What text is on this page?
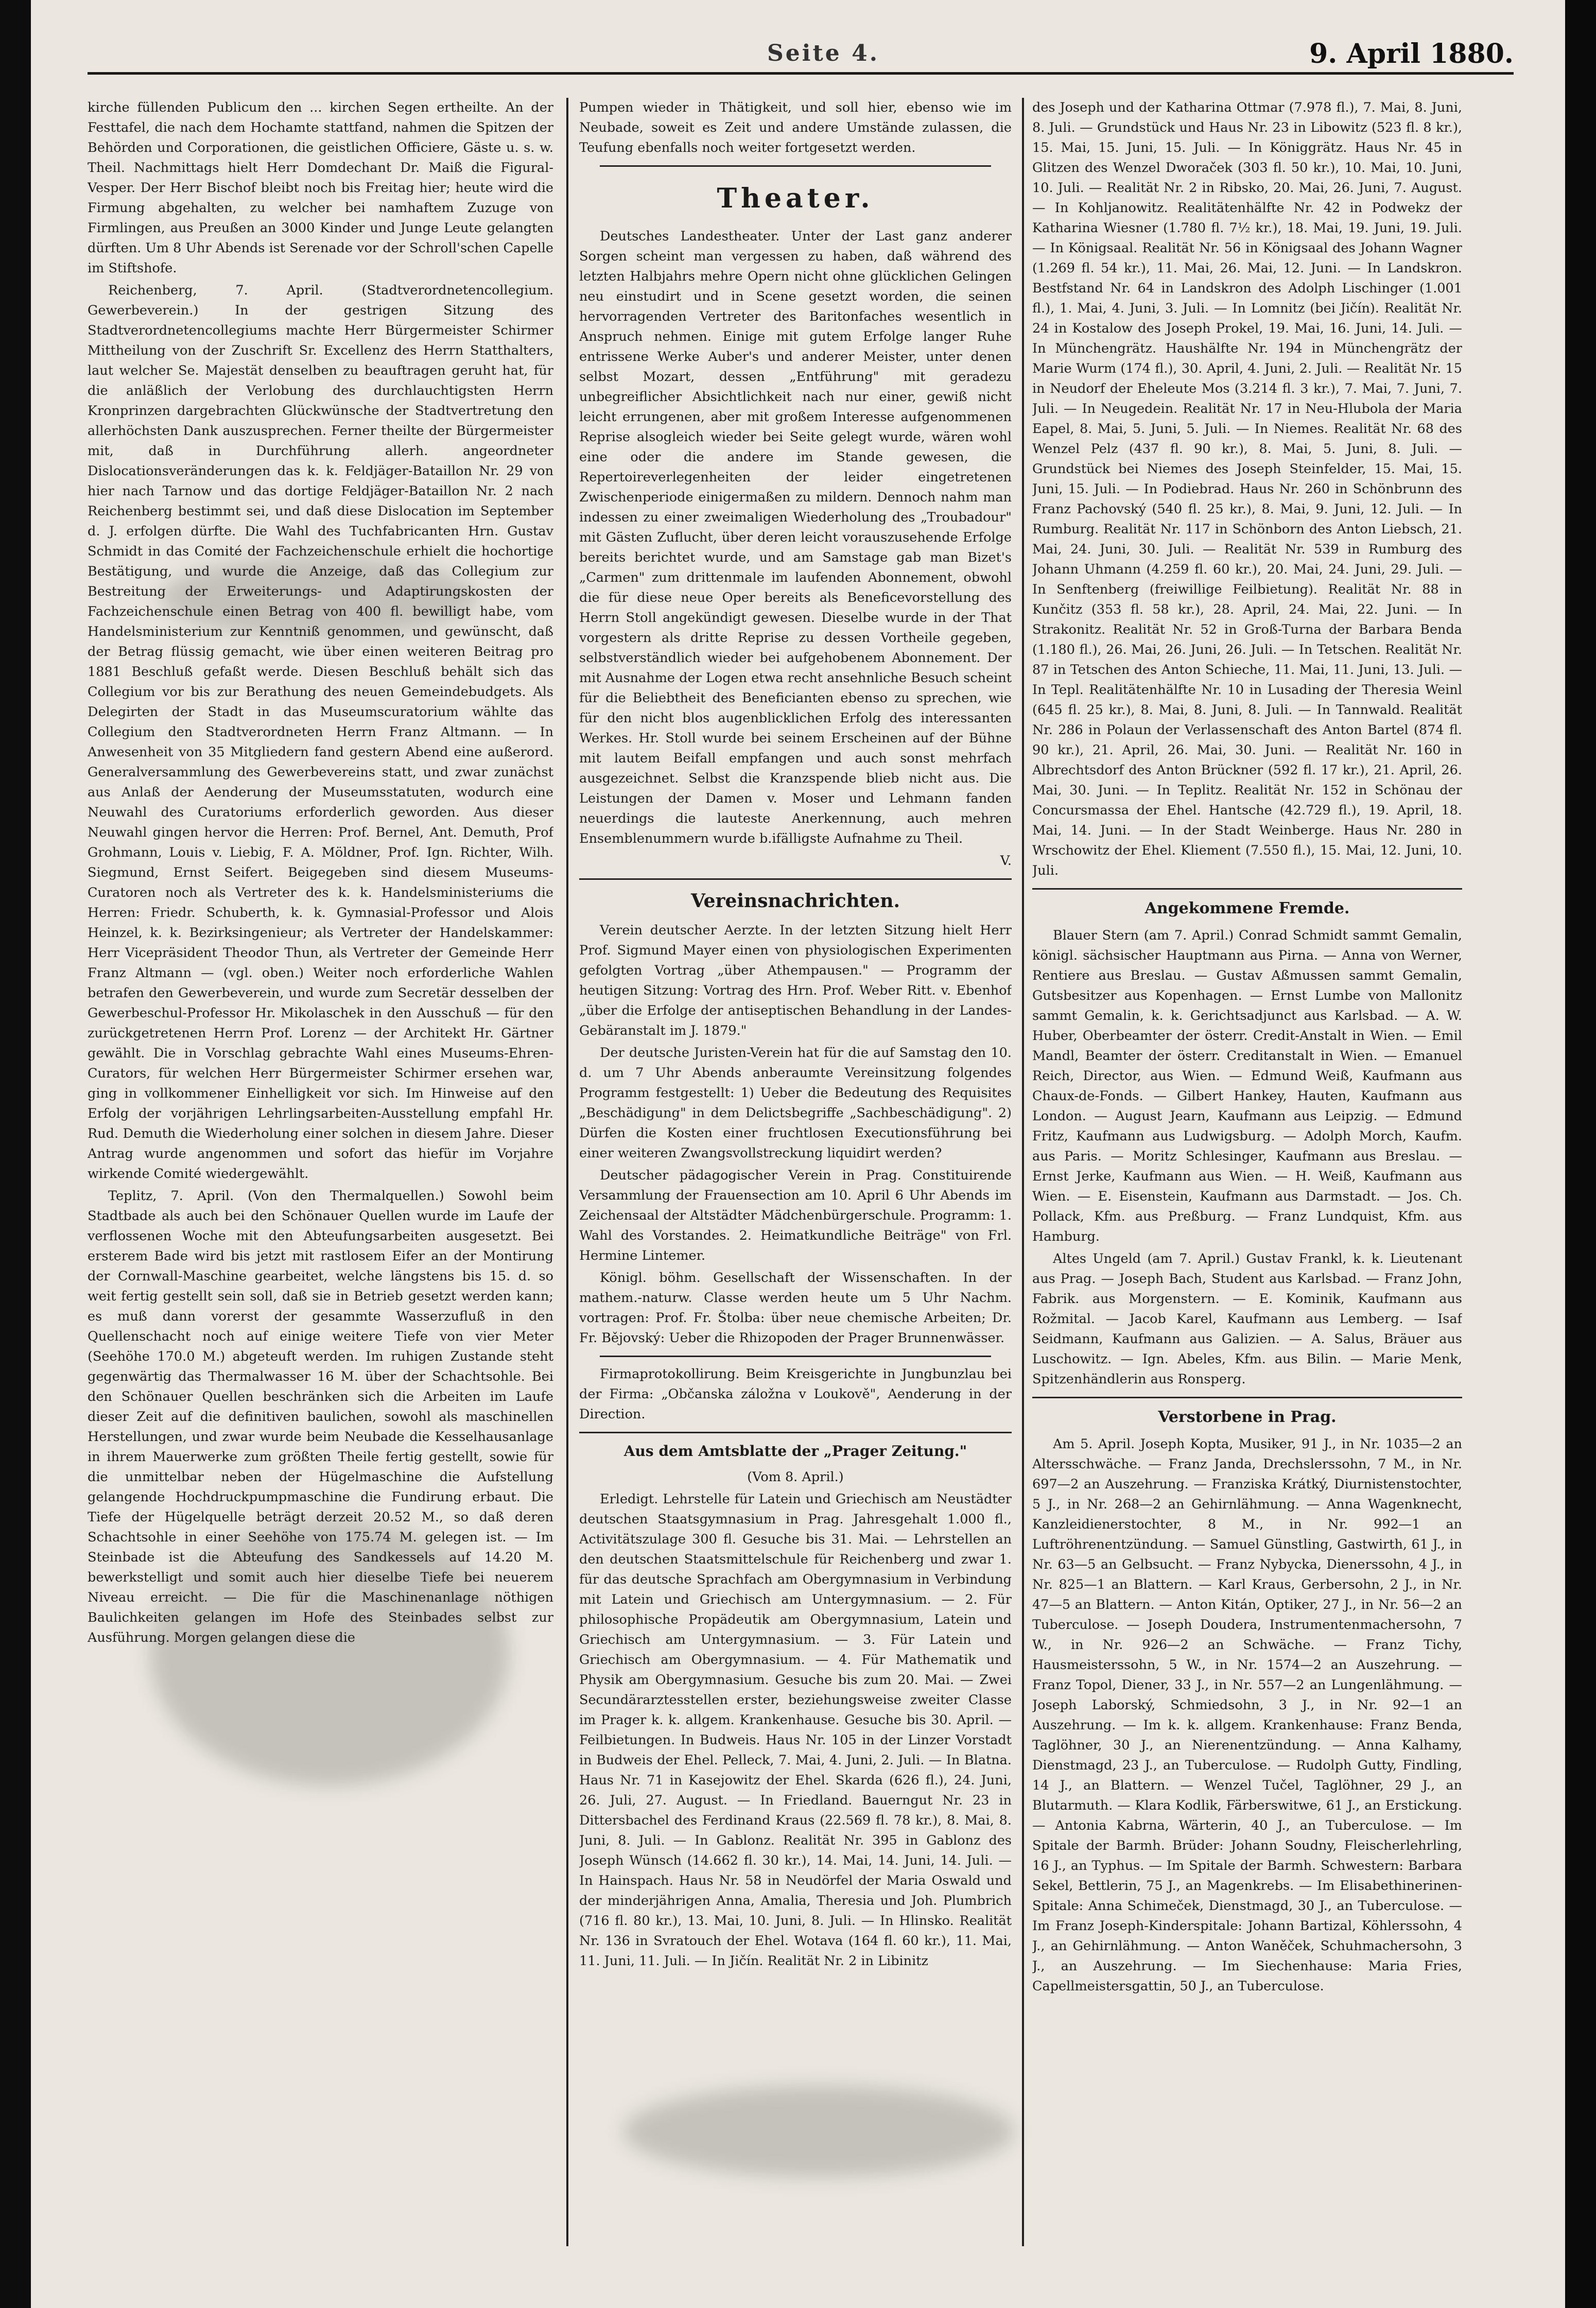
Seite 4.	9. April 1880.

kirche füllenden Publicum den ... kirchen Segen ertheilte. An der Festtafel, die nach dem Hochamte stattfand, nahmen die Spitzen der Behörden und Corporationen, die geistlichen Officiere, Gäste u. s. w. Theil. Nachmittags hielt Herr Domdechant Dr. Maiß die Figural-Vesper. Der Herr Bischof bleibt noch bis Freitag hier; heute wird die Firmung abgehalten, zu welcher bei namhaftem Zuzuge von Firmlingen, aus Preußen an 3000 Kinder und Junge Leute gelangten dürften. Um 8 Uhr Abends ist Serenade vor der Schroll'schen Capelle im Stiftshofe.

Reichenberg, 7. April. (Stadtverordnetencollegium. Gewerbeverein.) In der gestrigen Sitzung des Stadtverordnetencollegiums machte Herr Bürgermeister Schirmer Mittheilung von der Zuschrift Sr. Excellenz des Herrn Statthalters, laut welcher Se. Majestät denselben zu beauftragen geruht hat, für die anläßlich der Verlobung des durchlauchtigsten Herrn Kronprinzen dargebrachten Glückwünsche der Stadtvertretung den allerhöchsten Dank auszusprechen. Ferner theilte der Bürgermeister mit, daß in Durchführung allerh. angeordneter Dislocationsveränderungen das k. k. Feldjäger-Bataillon Nr. 29 von hier nach Tarnow und das dortige Feldjäger-Bataillon Nr. 2 nach Reichenberg bestimmt sei, und daß diese Dislocation im September d. J. erfolgen dürfte. Die Wahl des Tuchfabricanten Hrn. Gustav Schmidt in das Comité der Fachzeichenschule erhielt die hochortige Bestätigung, und wurde die Anzeige, daß das Collegium zur Bestreitung der Erweiterungs- und Adaptirungskosten der Fachzeichenschule einen Betrag von 400 fl. bewilligt habe, vom Handelsministerium zur Kenntniß genommen, und gewünscht, daß der Betrag flüssig gemacht, wie über einen weiteren Beitrag pro 1881 Beschluß gefaßt werde. Diesen Beschluß behält sich das Collegium vor bis zur Berathung des neuen Gemeindebudgets. Als Delegirten der Stadt in das Museumscuratorium wählte das Collegium den Stadtverordneten Herrn Franz Altmann. — In Anwesenheit von 35 Mitgliedern fand gestern Abend eine außerord. Generalversammlung des Gewerbevereins statt, und zwar zunächst aus Anlaß der Aenderung der Museumsstatuten, wodurch eine Neuwahl des Curatoriums erforderlich geworden. Aus dieser Neuwahl gingen hervor die Herren: Prof. Bernel, Ant. Demuth, Prof Grohmann, Louis v. Liebig, F. A. Möldner, Prof. Ign. Richter, Wilh. Siegmund, Ernst Seifert. Beigegeben sind diesem Museums-Curatoren noch als Vertreter des k. k. Handelsministeriums die Herren: Friedr. Schuberth, k. k. Gymnasial-Professor und Alois Heinzel, k. k. Bezirksingenieur; als Vertreter der Handelskammer: Herr Vicepräsident Theodor Thun, als Vertreter der Gemeinde Herr Franz Altmann — (vgl. oben.) Weiter noch erforderliche Wahlen betrafen den Gewerbeverein, und wurde zum Secretär desselben der Gewerbeschul-Professor Hr. Mikolaschek in den Ausschuß — für den zurückgetretenen Herrn Prof. Lorenz — der Architekt Hr. Gärtner gewählt. Die in Vorschlag gebrachte Wahl eines Museums-Ehren-Curators, für welchen Herr Bürgermeister Schirmer ersehen war, ging in vollkommener Einhelligkeit vor sich. Im Hinweise auf den Erfolg der vorjährigen Lehrlingsarbeiten-Ausstellung empfahl Hr. Rud. Demuth die Wiederholung einer solchen in diesem Jahre. Dieser Antrag wurde angenommen und sofort das hiefür im Vorjahre wirkende Comité wiedergewählt.

Teplitz, 7. April. (Von den Thermalquellen.) Sowohl beim Stadtbade als auch bei den Schönauer Quellen wurde im Laufe der verflossenen Woche mit den Abteufungsarbeiten ausgesetzt. Bei ersterem Bade wird bis jetzt mit rastlosem Eifer an der Montirung der Cornwall-Maschine gearbeitet, welche längstens bis 15. d. so weit fertig gestellt sein soll, daß sie in Betrieb gesetzt werden kann; es muß dann vorerst der gesammte Wasserzufluß in den Quellenschacht noch auf einige weitere Tiefe von vier Meter (Seehöhe 170.0 M.) abgeteuft werden. Im ruhigen Zustande steht gegenwärtig das Thermalwasser 16 M. über der Schachtsohle. Bei den Schönauer Quellen beschränken sich die Arbeiten im Laufe dieser Zeit auf die definitiven baulichen, sowohl als maschinellen Herstellungen, und zwar wurde beim Neubade die Kesselhausanlage in ihrem Mauerwerke zum größten Theile fertig gestellt, sowie für die unmittelbar neben der Hügelmaschine die Aufstellung gelangende Hochdruckpumpmaschine die Fundirung erbaut. Die Tiefe der Hügelquelle beträgt derzeit 20.52 M., so daß deren Schachtsohle in einer Seehöhe von 175.74 M. gelegen ist. — Im Steinbade ist die Abteufung des Sandkessels auf 14.20 M. bewerkstelligt und somit auch hier dieselbe Tiefe bei neuerem Niveau erreicht. — Die für die Maschinenanlage nöthigen Baulichkeiten gelangen im Hofe des Steinbades selbst zur Ausführung. Morgen gelangen diese die

Pumpen wieder in Thätigkeit, und soll hier, ebenso wie im Neubade, soweit es Zeit und andere Umstände zulassen, die Teufung ebenfalls noch weiter fortgesetzt werden.

Theater.

Deutsches Landestheater. Unter der Last ganz anderer Sorgen scheint man vergessen zu haben, daß während des letzten Halbjahrs mehre Opern nicht ohne glücklichen Gelingen neu einstudirt und in Scene gesetzt worden, die seinen hervorragenden Vertreter des Baritonfaches wesentlich in Anspruch nehmen. Einige mit gutem Erfolge langer Ruhe entrissene Werke Auber's und anderer Meister, unter denen selbst Mozart, dessen „Entführung" mit geradezu unbegreiflicher Absichtlichkeit nach nur einer, gewiß nicht leicht errungenen, aber mit großem Interesse aufgenommenen Reprise alsogleich wieder bei Seite gelegt wurde, wären wohl eine oder die andere im Stande gewesen, die Repertoireverlegenheiten der leider eingetretenen Zwischenperiode einigermaßen zu mildern. Dennoch nahm man indessen zu einer zweimaligen Wiederholung des „Troubadour" mit Gästen Zuflucht, über deren leicht vorauszusehende Erfolge bereits berichtet wurde, und am Samstage gab man Bizet's „Carmen" zum drittenmale im laufenden Abonnement, obwohl die für diese neue Oper bereits als Beneficevorstellung des Herrn Stoll angekündigt gewesen. Dieselbe wurde in der That vorgestern als dritte Reprise zu dessen Vortheile gegeben, selbstverständlich wieder bei aufgehobenem Abonnement. Der mit Ausnahme der Logen etwa recht ansehnliche Besuch scheint für die Beliebtheit des Beneficianten ebenso zu sprechen, wie für den nicht blos augenblicklichen Erfolg des interessanten Werkes. Hr. Stoll wurde bei seinem Erscheinen auf der Bühne mit lautem Beifall empfangen und auch sonst mehrfach ausgezeichnet. Selbst die Kranzspende blieb nicht aus. Die Leistungen der Damen v. Moser und Lehmann fanden neuerdings die lauteste Anerkennung, auch mehren Ensemblenummern wurde b.ifälligste Aufnahme zu Theil.

V.

Vereinsnachrichten.

Verein deutscher Aerzte. In der letzten Sitzung hielt Herr Prof. Sigmund Mayer einen von physiologischen Experimenten gefolgten Vortrag „über Athempausen." — Programm der heutigen Sitzung: Vortrag des Hrn. Prof. Weber Ritt. v. Ebenhof „über die Erfolge der antiseptischen Behandlung in der Landes-Gebäranstalt im J. 1879."

Der deutsche Juristen-Verein hat für die auf Samstag den 10. d. um 7 Uhr Abends anberaumte Vereinsitzung folgendes Programm festgestellt: 1) Ueber die Bedeutung des Requisites „Beschädigung" in dem Delictsbegriffe „Sachbeschädigung". 2) Dürfen die Kosten einer fruchtlosen Executionsführung bei einer weiteren Zwangsvollstreckung liquidirt werden?

Deutscher pädagogischer Verein in Prag. Constituirende Versammlung der Frauensection am 10. April 6 Uhr Abends im Zeichensaal der Altstädter Mädchenbürgerschule. Programm: 1. Wahl des Vorstandes. 2. Heimatkundliche Beiträge" von Frl. Hermine Lintemer.

Königl. böhm. Gesellschaft der Wissenschaften. In der mathem.-naturw. Classe werden heute um 5 Uhr Nachm. vortragen: Prof. Fr. Štolba: über neue chemische Arbeiten; Dr. Fr. Bějovský: Ueber die Rhizopoden der Prager Brunnenwässer.

Firmaprotokollirung. Beim Kreisgerichte in Jungbunzlau bei der Firma: „Občanska záložna v Loukově", Aenderung in der Direction.

Aus dem Amtsblatte der „Prager Zeitung."

(Vom 8. April.)

Erledigt. Lehrstelle für Latein und Griechisch am Neustädter deutschen Staatsgymnasium in Prag. Jahresgehalt 1.000 fl., Activitätszulage 300 fl. Gesuche bis 31. Mai. — Lehrstellen an den deutschen Staatsmittelschule für Reichenberg und zwar 1. für das deutsche Sprachfach am Obergymnasium in Verbindung mit Latein und Griechisch am Untergymnasium. — 2. Für philosophische Propädeutik am Obergymnasium, Latein und Griechisch am Untergymnasium. — 3. Für Latein und Griechisch am Obergymnasium. — 4. Für Mathematik und Physik am Obergymnasium. Gesuche bis zum 20. Mai. — Zwei Secundärarztesstellen erster, beziehungsweise zweiter Classe im Prager k. k. allgem. Krankenhause. Gesuche bis 30. April. — Feilbietungen. In Budweis. Haus Nr. 105 in der Linzer Vorstadt in Budweis der Ehel. Pelleck, 7. Mai, 4. Juni, 2. Juli. — In Blatna. Haus Nr. 71 in Kasejowitz der Ehel. Skarda (626 fl.), 24. Juni, 26. Juli, 27. August. — In Friedland. Bauerngut Nr. 23 in Dittersbachel des Ferdinand Kraus (22.569 fl. 78 kr.), 8. Mai, 8. Juni, 8. Juli. — In Gablonz. Realität Nr. 395 in Gablonz des Joseph Wünsch (14.662 fl. 30 kr.), 14. Mai, 14. Juni, 14. Juli. — In Hainspach. Haus Nr. 58 in Neudörfel der Maria Oswald und der minderjährigen Anna, Amalia, Theresia und Joh. Plumbrich (716 fl. 80 kr.), 13. Mai, 10. Juni, 8. Juli. — In Hlinsko. Realität Nr. 136 in Svratouch der Ehel. Wotava (164 fl. 60 kr.), 11. Mai, 11. Juni, 11. Juli. — In Jičín. Realität Nr. 2 in Libinitz

des Joseph und der Katharina Ottmar (7.978 fl.), 7. Mai, 8. Juni, 8. Juli. — Grundstück und Haus Nr. 23 in Libowitz (523 fl. 8 kr.), 15. Mai, 15. Juni, 15. Juli. — In Königgrätz. Haus Nr. 45 in Glitzen des Wenzel Dworaček (303 fl. 50 kr.), 10. Mai, 10. Juni, 10. Juli. — Realität Nr. 2 in Ribsko, 20. Mai, 26. Juni, 7. August. — In Kohljanowitz. Realitätenhälfte Nr. 42 in Podwekz der Katharina Wiesner (1.780 fl. 7½ kr.), 18. Mai, 19. Juni, 19. Juli. — In Königsaal. Realität Nr. 56 in Königsaal des Johann Wagner (1.269 fl. 54 kr.), 11. Mai, 26. Mai, 12. Juni. — In Landskron. Bestfstand Nr. 64 in Landskron des Adolph Lischinger (1.001 fl.), 1. Mai, 4. Juni, 3. Juli. — In Lomnitz (bei Jičín). Realität Nr. 24 in Kostalow des Joseph Prokel, 19. Mai, 16. Juni, 14. Juli. — In Münchengrätz. Haushälfte Nr. 194 in Münchengrätz der Marie Wurm (174 fl.), 30. April, 4. Juni, 2. Juli. — Realität Nr. 15 in Neudorf der Eheleute Mos (3.214 fl. 3 kr.), 7. Mai, 7. Juni, 7. Juli. — In Neugedein. Realität Nr. 17 in Neu-Hlubola der Maria Eapel, 8. Mai, 5. Juni, 5. Juli. — In Niemes. Realität Nr. 68 des Wenzel Pelz (437 fl. 90 kr.), 8. Mai, 5. Juni, 8. Juli. — Grundstück bei Niemes des Joseph Steinfelder, 15. Mai, 15. Juni, 15. Juli. — In Podiebrad. Haus Nr. 260 in Schönbrunn des Franz Pachovský (540 fl. 25 kr.), 8. Mai, 9. Juni, 12. Juli. — In Rumburg. Realität Nr. 117 in Schönborn des Anton Liebsch, 21. Mai, 24. Juni, 30. Juli. — Realität Nr. 539 in Rumburg des Johann Uhmann (4.259 fl. 60 kr.), 20. Mai, 24. Juni, 29. Juli. — In Senftenberg (freiwillige Feilbietung). Realität Nr. 88 in Kunčitz (353 fl. 58 kr.), 28. April, 24. Mai, 22. Juni. — In Strakonitz. Realität Nr. 52 in Groß-Turna der Barbara Benda (1.180 fl.), 26. Mai, 26. Juni, 26. Juli. — In Tetschen. Realität Nr. 87 in Tetschen des Anton Schieche, 11. Mai, 11. Juni, 13. Juli. — In Tepl. Realitätenhälfte Nr. 10 in Lusading der Theresia Weinl (645 fl. 25 kr.), 8. Mai, 8. Juni, 8. Juli. — In Tannwald. Realität Nr. 286 in Polaun der Verlassenschaft des Anton Bartel (874 fl. 90 kr.), 21. April, 26. Mai, 30. Juni. — Realität Nr. 160 in Albrechtsdorf des Anton Brückner (592 fl. 17 kr.), 21. April, 26. Mai, 30. Juni. — In Teplitz. Realität Nr. 152 in Schönau der Concursmassa der Ehel. Hantsche (42.729 fl.), 19. April, 18. Mai, 14. Juni. — In der Stadt Weinberge. Haus Nr. 280 in Wrschowitz der Ehel. Kliement (7.550 fl.), 15. Mai, 12. Juni, 10. Juli.

Angekommene Fremde.

Blauer Stern (am 7. April.) Conrad Schmidt sammt Gemalin, königl. sächsischer Hauptmann aus Pirna. — Anna von Werner, Rentiere aus Breslau. — Gustav Aßmussen sammt Gemalin, Gutsbesitzer aus Kopenhagen. — Ernst Lumbe von Mallonitz sammt Gemalin, k. k. Gerichtsadjunct aus Karlsbad. — A. W. Huber, Oberbeamter der österr. Credit-Anstalt in Wien. — Emil Mandl, Beamter der österr. Creditanstalt in Wien. — Emanuel Reich, Director, aus Wien. — Edmund Weiß, Kaufmann aus Chaux-de-Fonds. — Gilbert Hankey, Hauten, Kaufmann aus London. — August Jearn, Kaufmann aus Leipzig. — Edmund Fritz, Kaufmann aus Ludwigsburg. — Adolph Morch, Kaufm. aus Paris. — Moritz Schlesinger, Kaufmann aus Breslau. — Ernst Jerke, Kaufmann aus Wien. — H. Weiß, Kaufmann aus Wien. — E. Eisenstein, Kaufmann aus Darmstadt. — Jos. Ch. Pollack, Kfm. aus Preßburg. — Franz Lundquist, Kfm. aus Hamburg.

Altes Ungeld (am 7. April.) Gustav Frankl, k. k. Lieutenant aus Prag. — Joseph Bach, Student aus Karlsbad. — Franz John, Fabrik. aus Morgenstern. — E. Kominik, Kaufmann aus Rožmital. — Jacob Karel, Kaufmann aus Lemberg. — Isaf Seidmann, Kaufmann aus Galizien. — A. Salus, Bräuer aus Luschowitz. — Ign. Abeles, Kfm. aus Bilin. — Marie Menk, Spitzenhändlerin aus Ronsperg.

Verstorbene in Prag.

Am 5. April. Joseph Kopta, Musiker, 91 J., in Nr. 1035—2 an Altersschwäche. — Franz Janda, Drechslerssohn, 7 M., in Nr. 697—2 an Auszehrung. — Franziska Krátký, Diurnistenstochter, 5 J., in Nr. 268—2 an Gehirnlähmung. — Anna Wagenknecht, Kanzleidienerstochter, 8 M., in Nr. 992—1 an Luftröhrenentzündung. — Samuel Günstling, Gastwirth, 61 J., in Nr. 63—5 an Gelbsucht. — Franz Nybycka, Dienerssohn, 4 J., in Nr. 825—1 an Blattern. — Karl Kraus, Gerbersohn, 2 J., in Nr. 47—5 an Blattern. — Anton Kitán, Optiker, 27 J., in Nr. 56—2 an Tuberculose. — Joseph Doudera, Instrumentenmachersohn, 7 W., in Nr. 926—2 an Schwäche. — Franz Tichy, Hausmeisterssohn, 5 W., in Nr. 1574—2 an Auszehrung. — Franz Topol, Diener, 33 J., in Nr. 557—2 an Lungenlähmung. — Joseph Laborský, Schmiedsohn, 3 J., in Nr. 92—1 an Auszehrung. — Im k. k. allgem. Krankenhause: Franz Benda, Taglöhner, 30 J., an Nierenentzündung. — Anna Kalhamy, Dienstmagd, 23 J., an Tuberculose. — Rudolph Gutty, Findling, 14 J., an Blattern. — Wenzel Tučel, Taglöhner, 29 J., an Blutarmuth. — Klara Kodlik, Färberswitwe, 61 J., an Erstickung. — Antonia Kabrna, Wärterin, 40 J., an Tuberculose. — Im Spitale der Barmh. Brüder: Johann Soudny, Fleischerlehrling, 16 J., an Typhus. — Im Spitale der Barmh. Schwestern: Barbara Sekel, Bettlerin, 75 J., an Magenkrebs. — Im Elisabethinerinen-Spitale: Anna Schimeček, Dienstmagd, 30 J., an Tuberculose. — Im Franz Joseph-Kinderspitale: Johann Bartizal, Köhlerssohn, 4 J., an Gehirnlähmung. — Anton Waněček, Schuhmachersohn, 3 J., an Auszehrung. — Im Siechenhause: Maria Fries, Capellmeistersgattin, 50 J., an Tuberculose.
